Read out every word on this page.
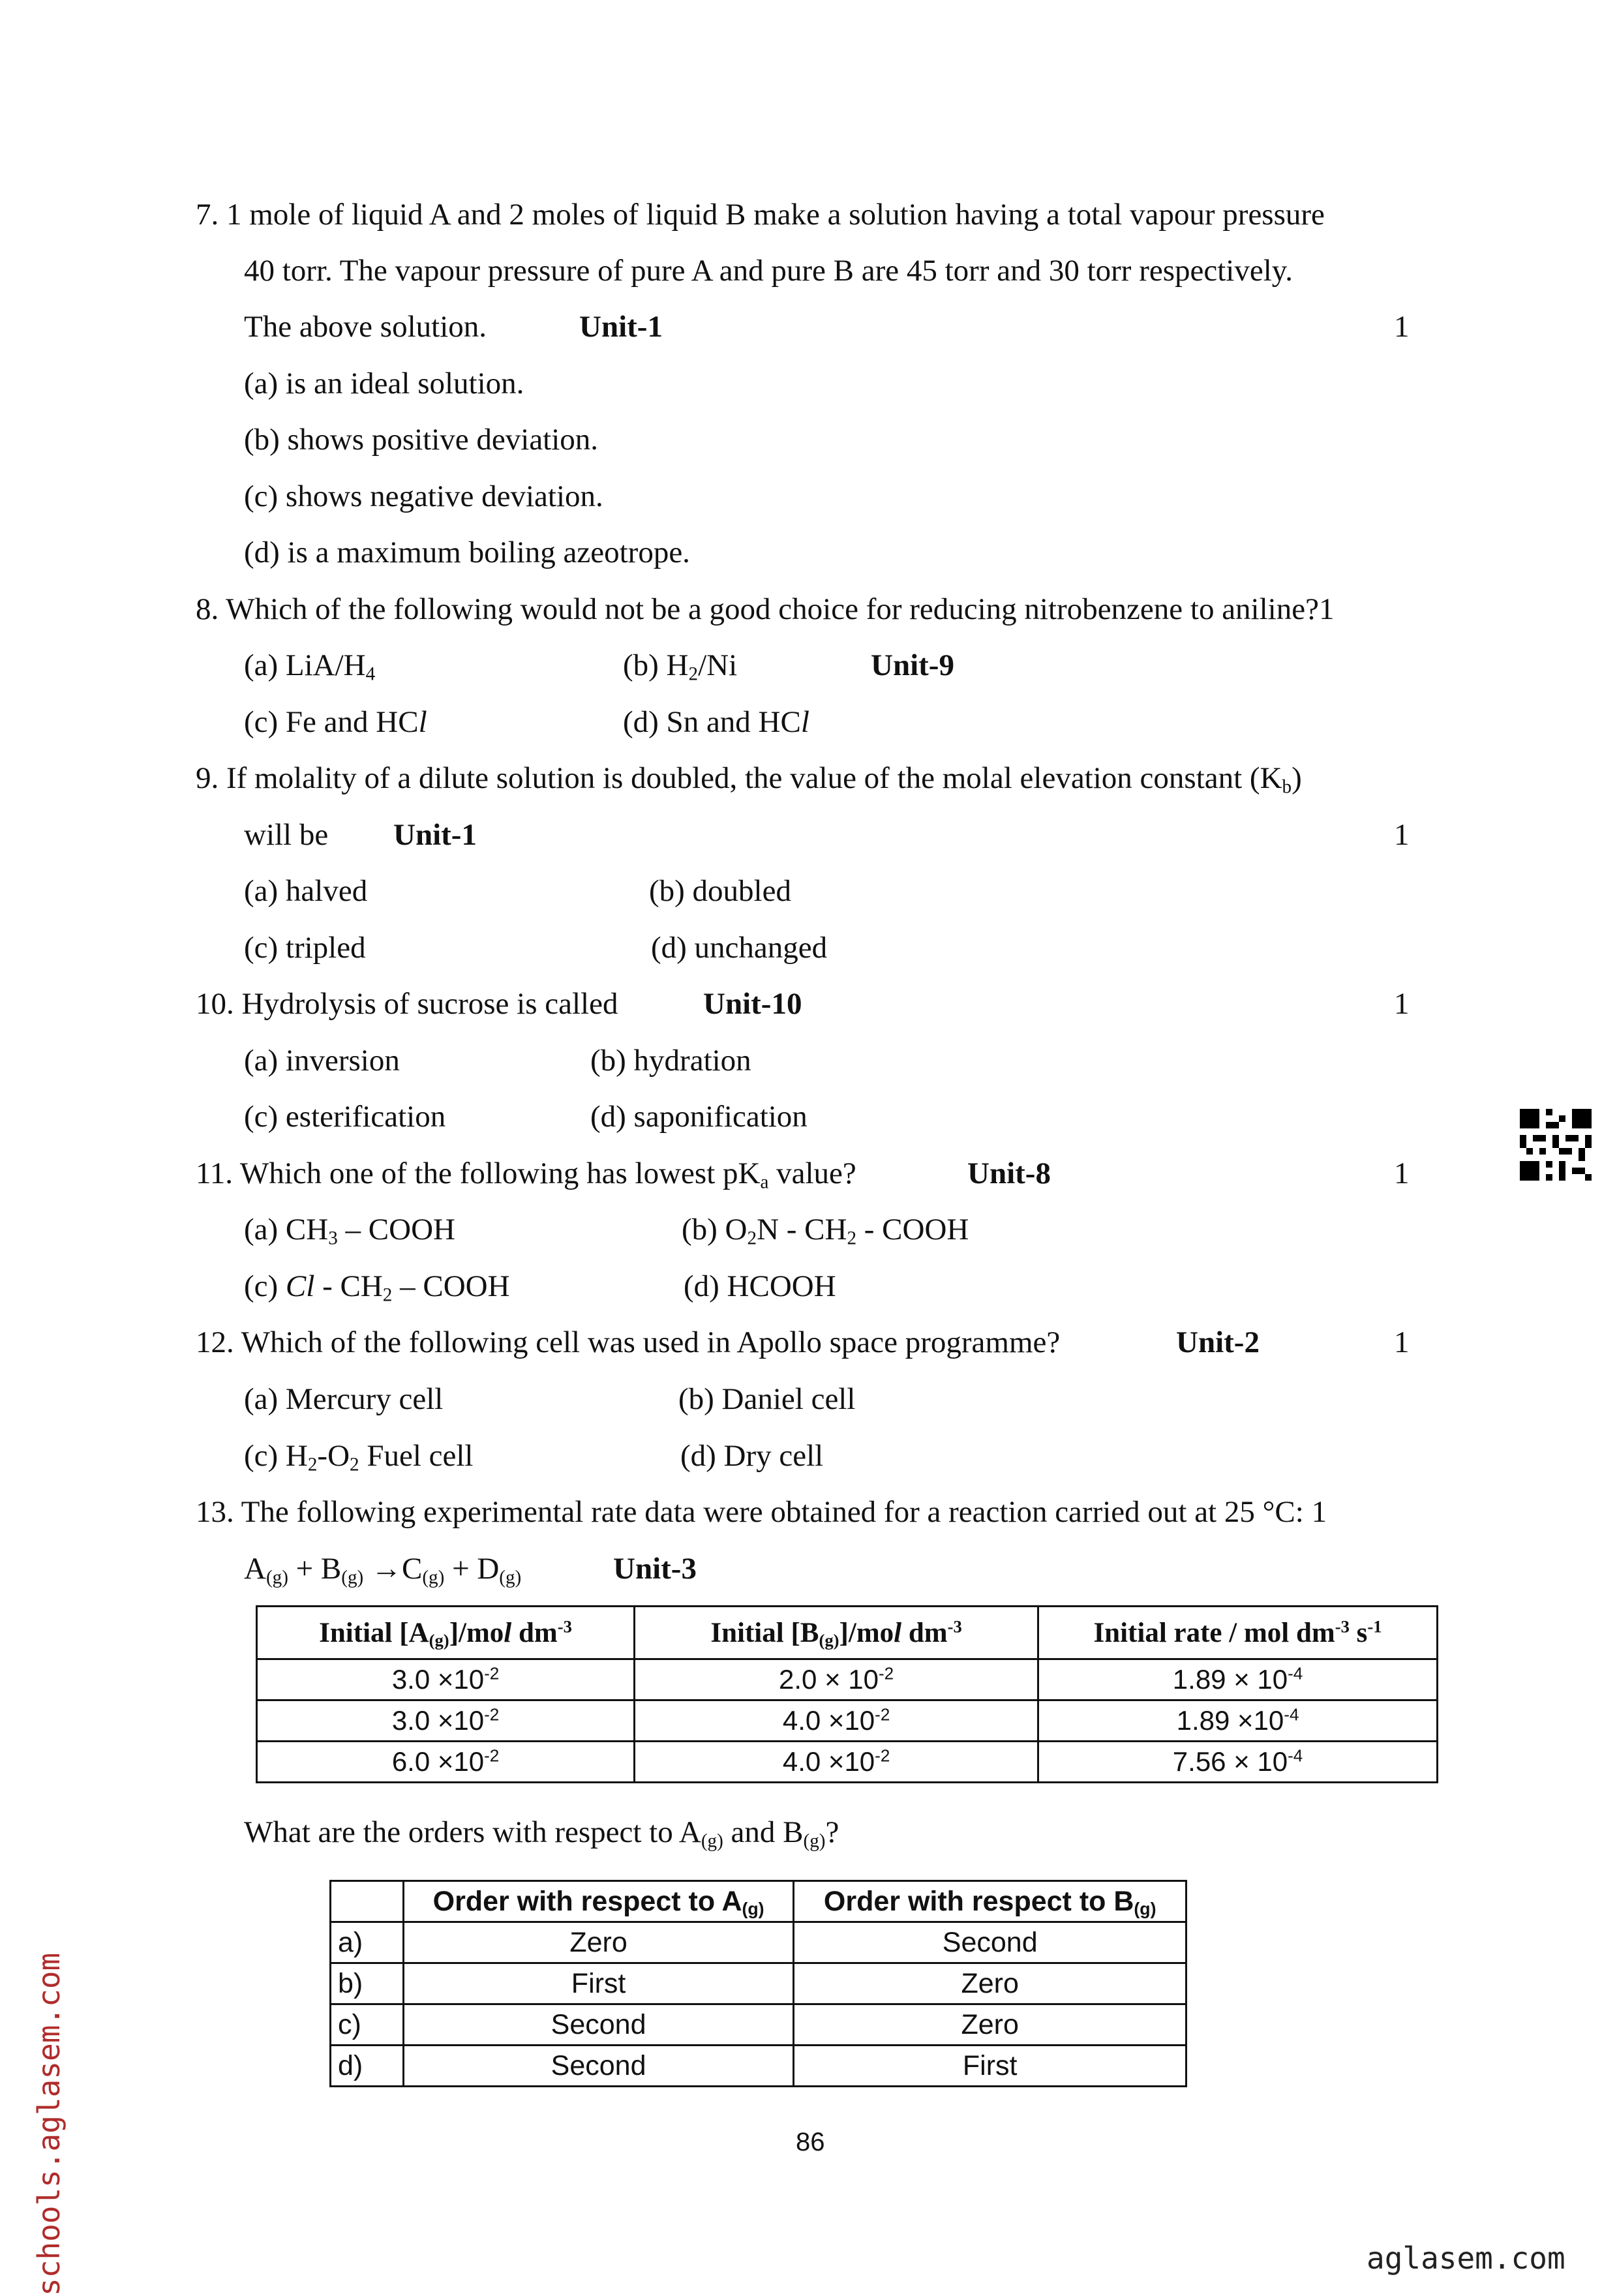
7. 1 mole of liquid A and 2 moles of liquid B make a solution having a total vapour pressure
40 torr. The vapour pressure of pure A and pure B are 45 torr and 30 torr respectively.
The above solution.	Unit-1	1
(a) is an ideal solution.
(b) shows positive deviation.
(c) shows negative deviation.
(d) is a maximum boiling azeotrope.
8. Which of the following would not be a good choice for reducing nitrobenzene to aniline?1
(a) LiA/$H_4$	(b) $H_2/Ni$	Unit-9
(c) Fe and HCl	(d) Sn and HCl
9. If molality of a dilute solution is doubled, the value of the molal elevation constant $(K_b)$
will be Unit-1	1
(a) halved	(b) doubled
(c) tripled	(d) unchanged
10. Hydrolysis of sucrose is called	Unit-10	1
(a) inversion	(b) hydration
(c) esterification	(d) saponification
11. Which one of the following has lowest $pK_a$ value?	Unit-8	1
(a) $CH_3$ – COOH	(b) $O_2N - CH_2$ - COOH
(c) Cl - $CH_2$ – COOH	(d) HCOOH
12. Which of the following cell was used in Apollo space programme?	Unit-2	1
(a) Mercury cell	(b) Daniel cell
(c) $H_2-O_2$ Fuel cell	(d) Dry cell
13. The following experimental rate data were obtained for a reaction carried out at 25 °C: 1
$A_{(g)} + B_{(g)} \to C_{(g)} + D_{(g)}$	Unit-3
Initial $[A_{(g)}]$/mol $dm^{-3}$	Initial $[B_{(g)}]$/mol $dm^{-3}$	Initial rate / mol $dm^{-3}$ $s^{-1}$
$3.0 \times 10^{-2}$	$2.0 \times 10^{-2}$	$1.89 \times 10^{-4}$
$3.0 \times 10^{-2}$	$4.0 \times 10^{-2}$	$1.89 \times 10^{-4}$
$6.0 \times 10^{-2}$	$4.0 \times 10^{-2}$	$7.56 \times 10^{-4}$
What are the orders with respect to $A_{(g)}$ and $B_{(g)}$?
	Order with respect to $A_{(g)}$	Order with respect to $B_{(g)}$
a)	Zero	Second
b)	First	Zero
c)	Second	Zero
d)	Second	First
86
schools.aglasem.com	aglasem.com
